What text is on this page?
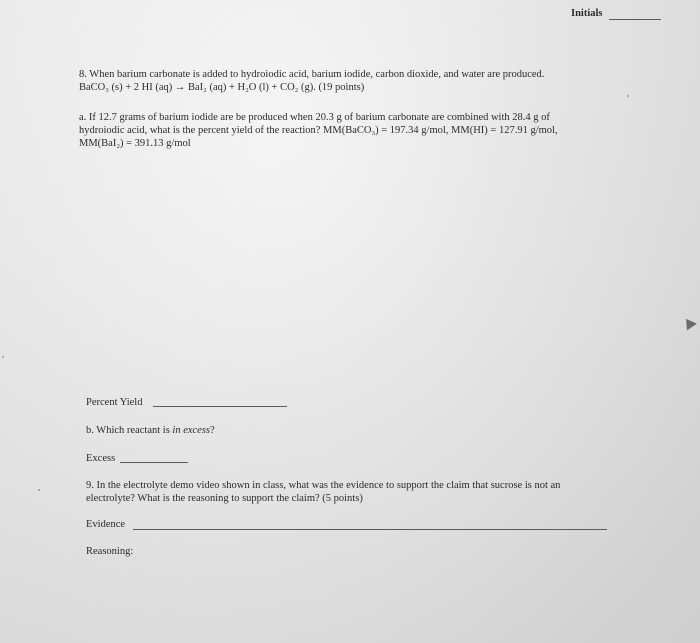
Initials
8. When barium carbonate is added to hydroiodic acid, barium iodide, carbon dioxide, and water are produced.
BaCO₃ (s) + 2 HI (aq) → BaI₂ (aq) + H₂O (l) + CO₂ (g). (19 points)
a. If 12.7 grams of barium iodide are be produced when 20.3 g of barium carbonate are combined with 28.4 g of
hydroiodic acid, what is the percent yield of the reaction? MM(BaCO₃) = 197.34 g/mol, MM(HI) = 127.91 g/mol,
MM(BaI₂) = 391.13 g/mol
Percent Yield
b. Which reactant is in excess?
Excess
9. In the electrolyte demo video shown in class, what was the evidence to support the claim that sucrose is not an
electrolyte? What is the reasoning to support the claim? (5 points)
Evidence
Reasoning:
